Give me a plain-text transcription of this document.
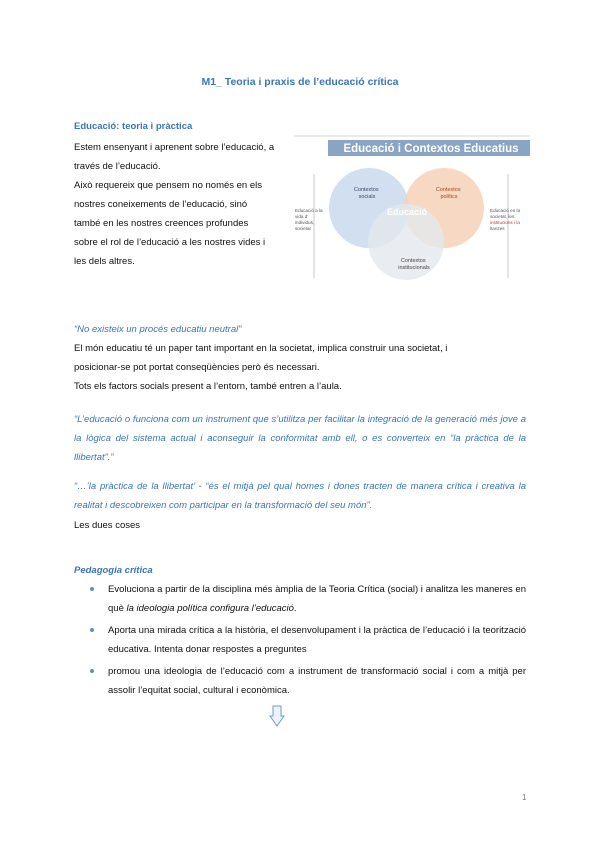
M1_ Teoria i praxis de l’educació crítica
Educació: teoria i pràctica

Estem ensenyant i aprenent sobre l’educació, a

través de l’educació.

Això requereix que pensem no només en els

nostres coneixements de l’educació, sinó

també en les nostres creences profundes

sobre el rol de l’educació a les nostres vides i

les dels altres.

Educació i Contextos Educatius
Contextos socials
Contextos polítics
Contextos institucionals
Educació
Educació a la vida d’ individus, societat
Educació en la societat, les institucions i la ltanzes

“No existeix un procés educatiu neutral”

El món educatiu té un paper tant important en la societat, implica construir una societat, i

posicionar-se pot portat conseqüències però és necessari.

Tots els factors socials present a l’entorn, també entren a l’aula.

“L’educació o funciona com un instrument que s’utilitza per facilitar la integració de la generació més jove a la lògica del sistema actual i aconseguir la conformitat amb ell, o es converteix en “la pràctica de la llibertat”.”

“…’la pràctica de la llibertat’ - “és el mitjà pel qual homes i dones tracten de manera crítica i creativa la realitat i descobreixen com participar en la transformació del seu món”.

Les dues coses

Pedagogia crítica
Evoluciona a partir de la disciplina més àmplia de la Teoria Crítica (social) i analitza les maneres en què la ideologia política configura l’educació.
Aporta una mirada crítica a la història, el desenvolupament i la pràctica de l’educació i la teorització educativa. Intenta donar respostes a preguntes
promou una ideologia de l’educació com a instrument de transformació social i com a mitjà per assolir l’equitat social, cultural i econòmica.
1
